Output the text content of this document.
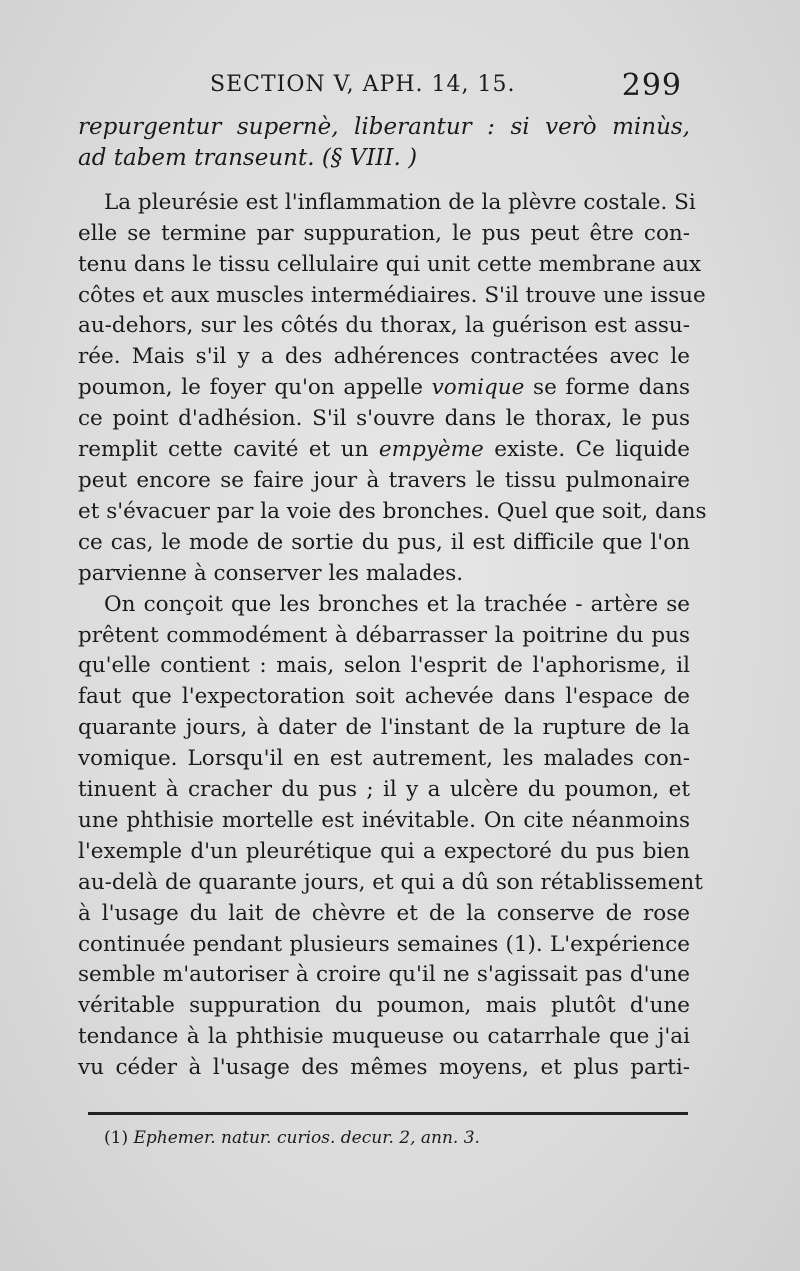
SECTION V, APH. 14, 15.	299
repurgentur supernè, liberantur : si verò minùs,
ad tabem transeunt. (§ VIII. )
La pleurésie est l'inflammation de la plèvre costale. Si
elle se termine par suppuration, le pus peut être con-
tenu dans le tissu cellulaire qui unit cette membrane aux
côtes et aux muscles intermédiaires. S'il trouve une issue
au-dehors, sur les côtés du thorax, la guérison est assu-
rée. Mais s'il y a des adhérences contractées avec le
poumon, le foyer qu'on appelle vomique se forme dans
ce point d'adhésion. S'il s'ouvre dans le thorax, le pus
remplit cette cavité et un empyème existe. Ce liquide
peut encore se faire jour à travers le tissu pulmonaire
et s'évacuer par la voie des bronches. Quel que soit, dans
ce cas, le mode de sortie du pus, il est difficile que l'on
parvienne à conserver les malades.
On conçoit que les bronches et la trachée - artère se
prêtent commodément à débarrasser la poitrine du pus
qu'elle contient : mais, selon l'esprit de l'aphorisme, il
faut que l'expectoration soit achevée dans l'espace de
quarante jours, à dater de l'instant de la rupture de la
vomique. Lorsqu'il en est autrement, les malades con-
tinuent à cracher du pus ; il y a ulcère du poumon, et
une phthisie mortelle est inévitable. On cite néanmoins
l'exemple d'un pleurétique qui a expectoré du pus bien
au-delà de quarante jours, et qui a dû son rétablissement
à l'usage du lait de chèvre et de la conserve de rose
continuée pendant plusieurs semaines (1). L'expérience
semble m'autoriser à croire qu'il ne s'agissait pas d'une
véritable suppuration du poumon, mais plutôt d'une
tendance à la phthisie muqueuse ou catarrhale que j'ai
vu céder à l'usage des mêmes moyens, et plus parti-
(1) Ephemer. natur. curios. decur. 2, ann. 3.
